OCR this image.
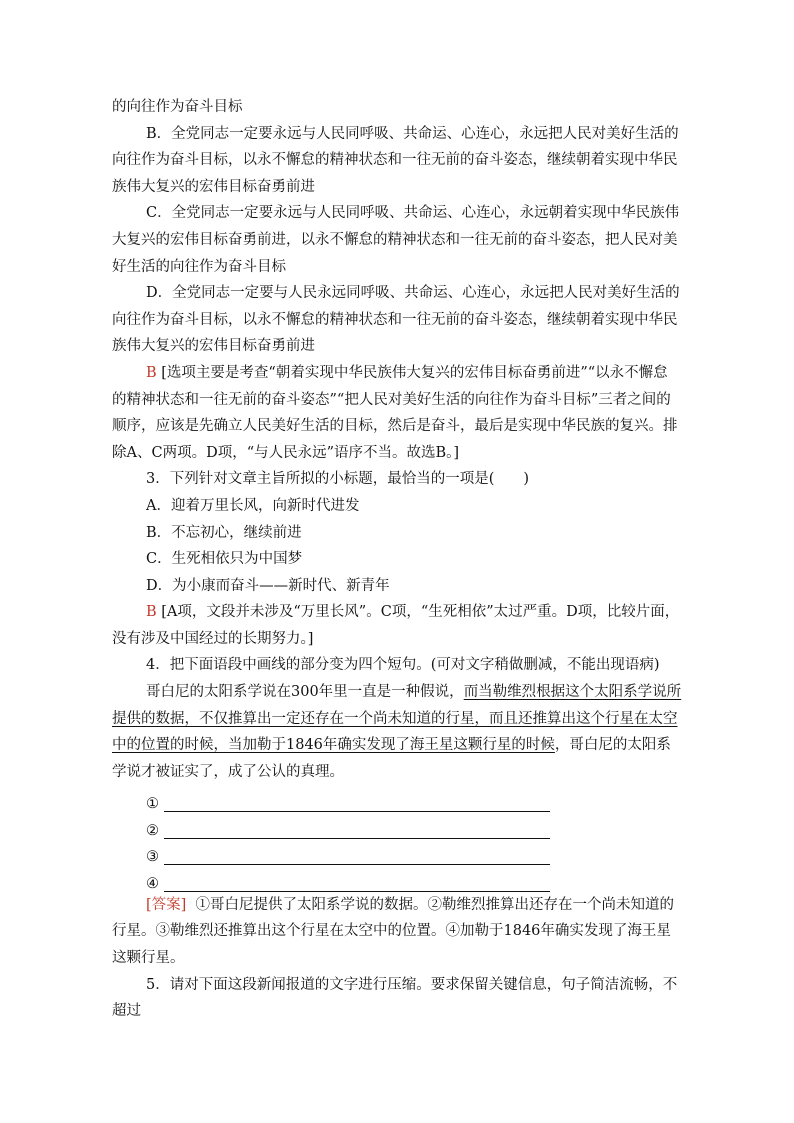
的向往作为奋斗目标

B．全党同志一定要永远与人民同呼吸、共命运、心连心，永远把人民对美好生活的向往作为奋斗目标，以永不懈怠的精神状态和一往无前的奋斗姿态，继续朝着实现中华民族伟大复兴的宏伟目标奋勇前进

C．全党同志一定要永远与人民同呼吸、共命运、心连心，永远朝着实现中华民族伟大复兴的宏伟目标奋勇前进，以永不懈怠的精神状态和一往无前的奋斗姿态，把人民对美好生活的向往作为奋斗目标

D．全党同志一定要与人民永远同呼吸、共命运、心连心，永远把人民对美好生活的向往作为奋斗目标，以永不懈怠的精神状态和一往无前的奋斗姿态，继续朝着实现中华民族伟大复兴的宏伟目标奋勇前进

B [选项主要是考查“朝着实现中华民族伟大复兴的宏伟目标奋勇前进”“以永不懈怠的精神状态和一往无前的奋斗姿态”“把人民对美好生活的向往作为奋斗目标”三者之间的顺序，应该是先确立人民美好生活的目标，然后是奋斗，最后是实现中华民族的复兴。排除A、C两项。D项，“与人民永远”语序不当。故选B。]

3．下列针对文章主旨所拟的小标题，最恰当的一项是(　　)

A．迎着万里长风，向新时代进发

B．不忘初心，继续前进

C．生死相依只为中国梦

D．为小康而奋斗——新时代、新青年

B [A项，文段并未涉及“万里长风”。C项，“生死相依”太过严重。D项，比较片面，没有涉及中国经过的长期努力。]

4．把下面语段中画线的部分变为四个短句。(可对文字稍做删减，不能出现语病)

哥白尼的太阳系学说在300年里一直是一种假说，而当勒维烈根据这个太阳系学说所提供的数据，不仅推算出一定还存在一个尚未知道的行星，而且还推算出这个行星在太空中的位置的时候，当加勒于1846年确实发现了海王星这颗行星的时候，哥白尼的太阳系学说才被证实了，成了公认的真理。

①
②
③
④

[答案] ①哥白尼提供了太阳系学说的数据。②勒维烈推算出还存在一个尚未知道的行星。③勒维烈还推算出这个行星在太空中的位置。④加勒于1846年确实发现了海王星这颗行星。

5．请对下面这段新闻报道的文字进行压缩。要求保留关键信息，句子简洁流畅，不超过
